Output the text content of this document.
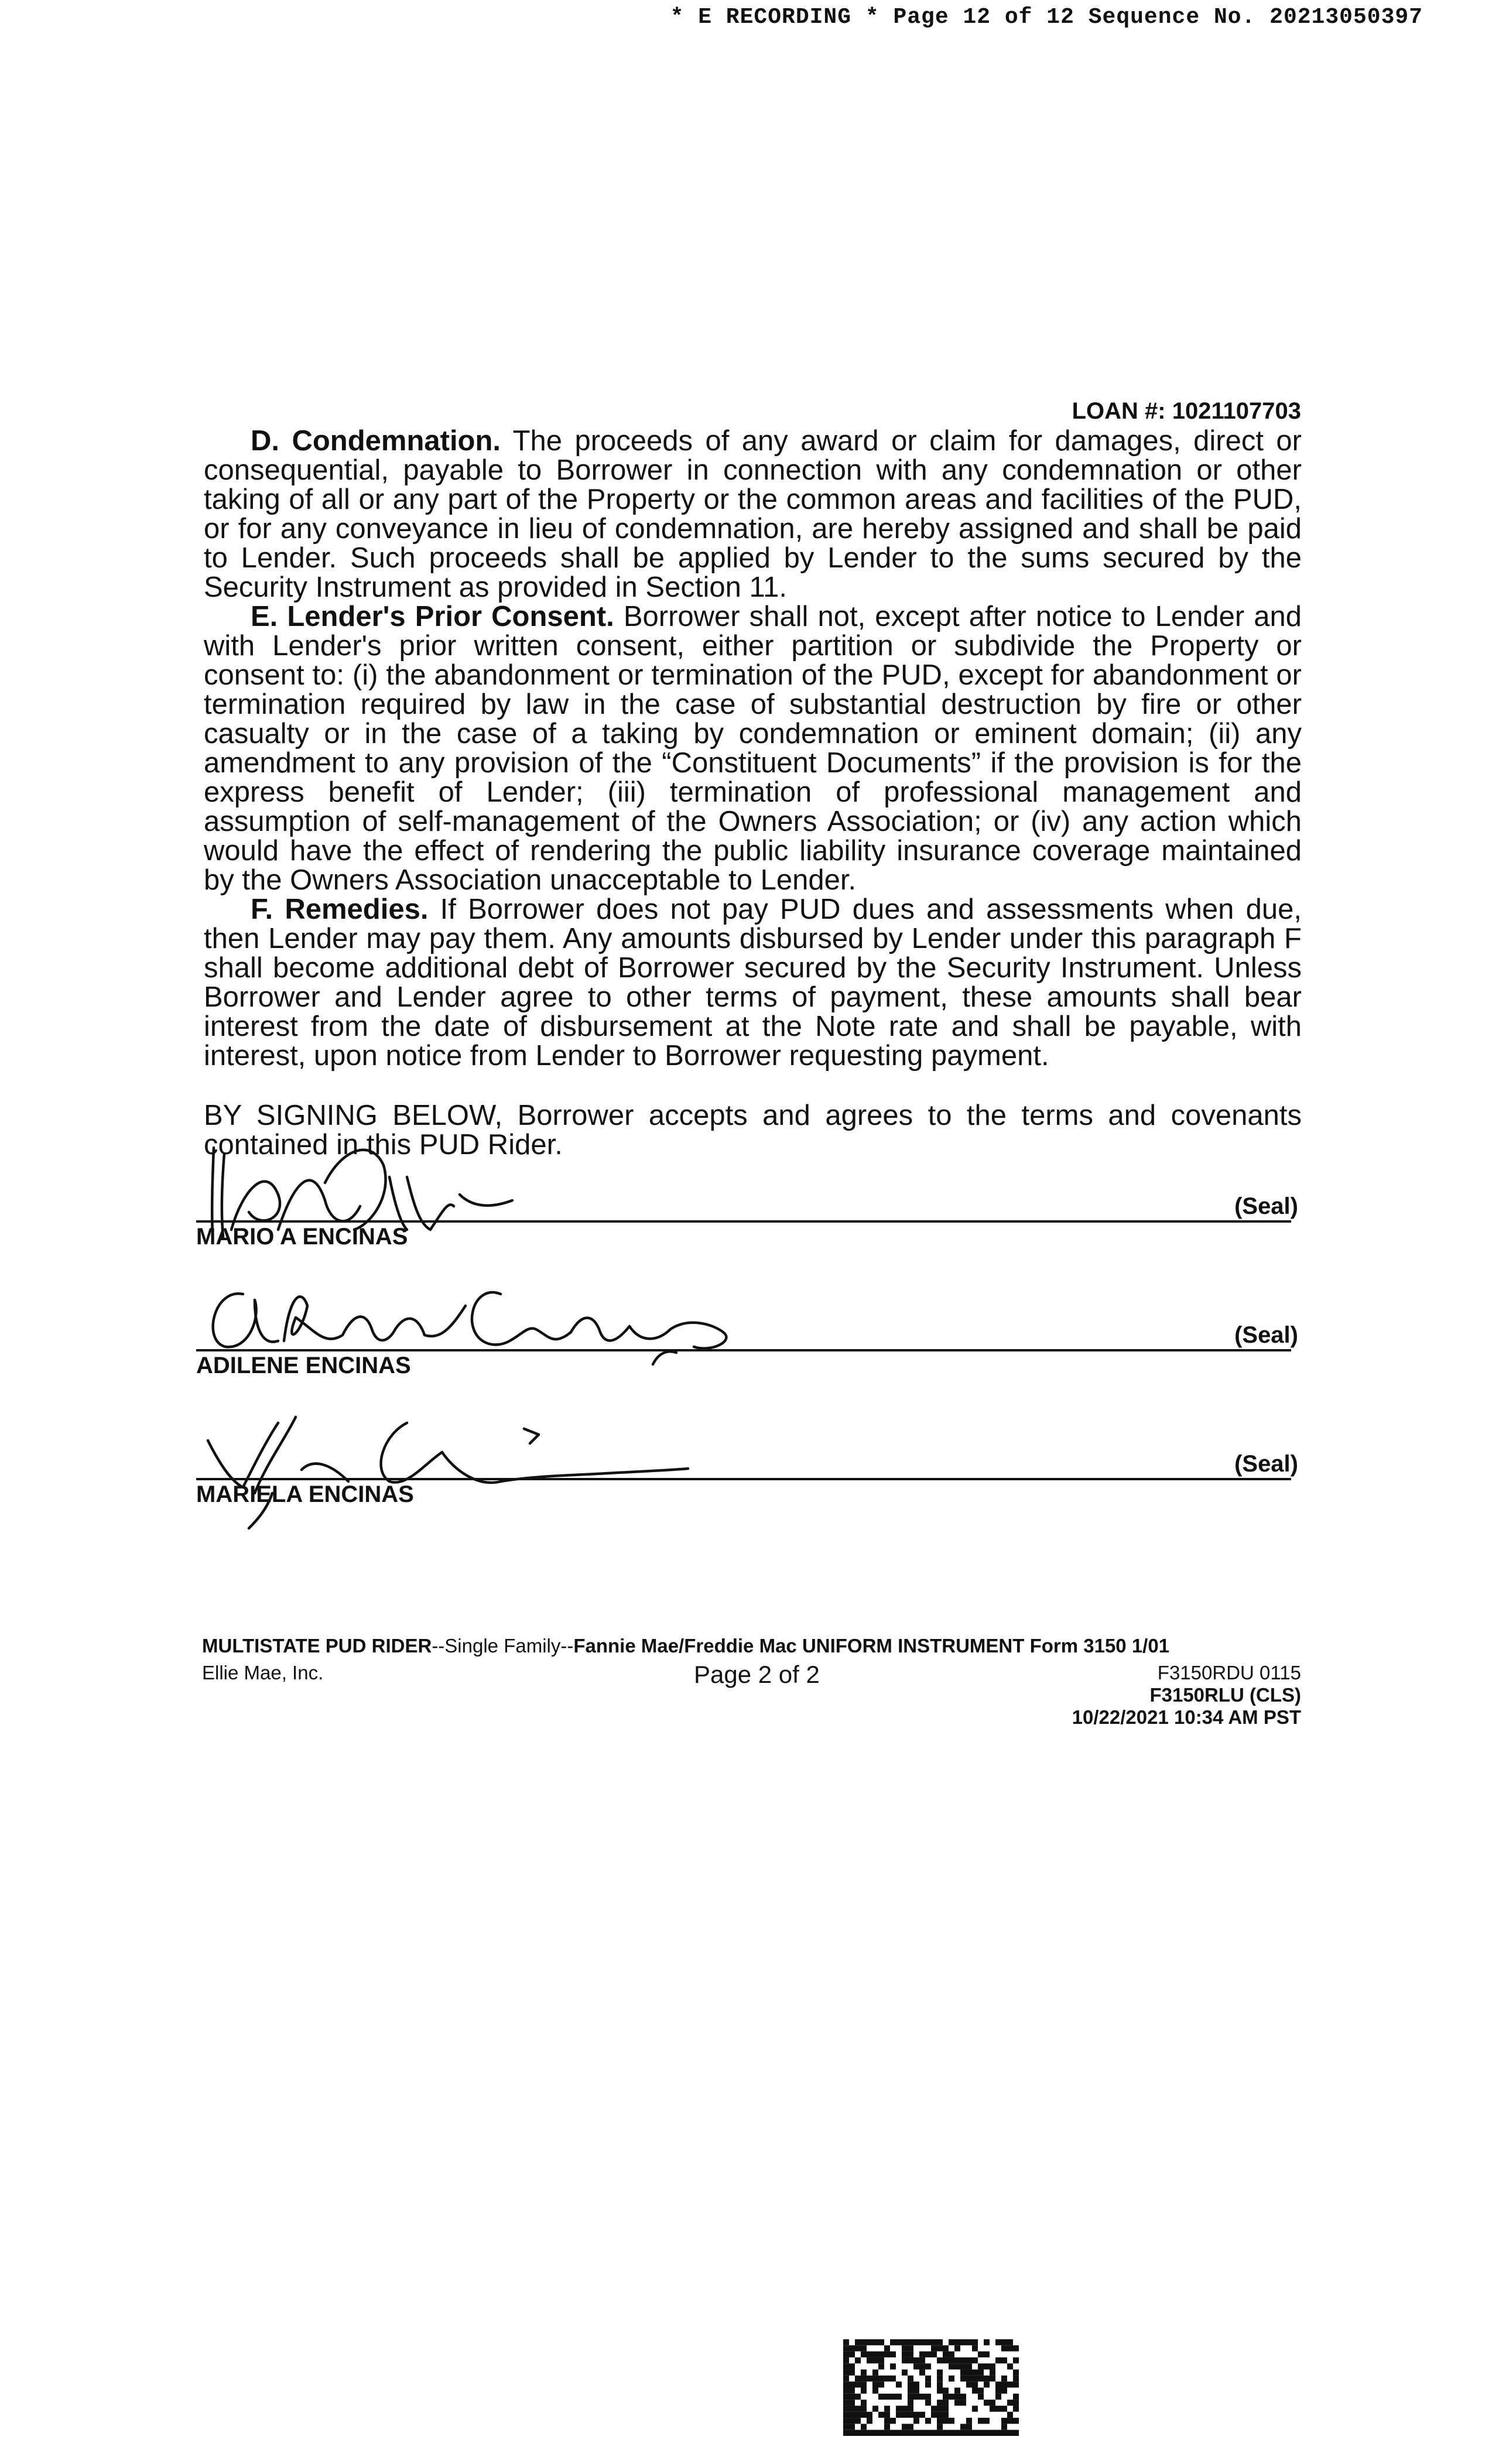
* E RECORDING * Page 12 of 12 Sequence No. 20213050397
LOAN #: 1021107703

D. Condemnation. The proceeds of any award or claim for damages, direct or consequential, payable to Borrower in connection with any condemnation or other taking of all or any part of the Property or the common areas and facilities of the PUD, or for any conveyance in lieu of condemnation, are hereby assigned and shall be paid to Lender. Such proceeds shall be applied by Lender to the sums secured by the Security Instrument as provided in Section 11.

E. Lender's Prior Consent. Borrower shall not, except after notice to Lender and with Lender's prior written consent, either partition or subdivide the Property or consent to: (i) the abandonment or termination of the PUD, except for abandonment or termination required by law in the case of substantial destruction by fire or other casualty or in the case of a taking by condemnation or eminent domain; (ii) any amendment to any provision of the “Constituent Documents” if the provision is for the express benefit of Lender; (iii) termination of professional management and assumption of self-management of the Owners Association; or (iv) any action which would have the effect of rendering the public liability insurance coverage maintained by the Owners Association unacceptable to Lender.

F. Remedies. If Borrower does not pay PUD dues and assessments when due, then Lender may pay them. Any amounts disbursed by Lender under this paragraph F shall become additional debt of Borrower secured by the Security Instrument. Unless Borrower and Lender agree to other terms of payment, these amounts shall bear interest from the date of disbursement at the Note rate and shall be payable, with interest, upon notice from Lender to Borrower requesting payment.

BY SIGNING BELOW, Borrower accepts and agrees to the terms and covenants contained in this PUD Rider.

(Seal)
MARIO A ENCINAS
(Seal)
ADILENE ENCINAS
(Seal)
MARIELA ENCINAS
MULTISTATE PUD RIDER--Single Family--Fannie Mae/Freddie Mac UNIFORM INSTRUMENT Form 3150 1/01
Ellie Mae, Inc.	Page 2 of 2	F3150RDU 0115
F3150RLU (CLS)
10/22/2021 10:34 AM PST
